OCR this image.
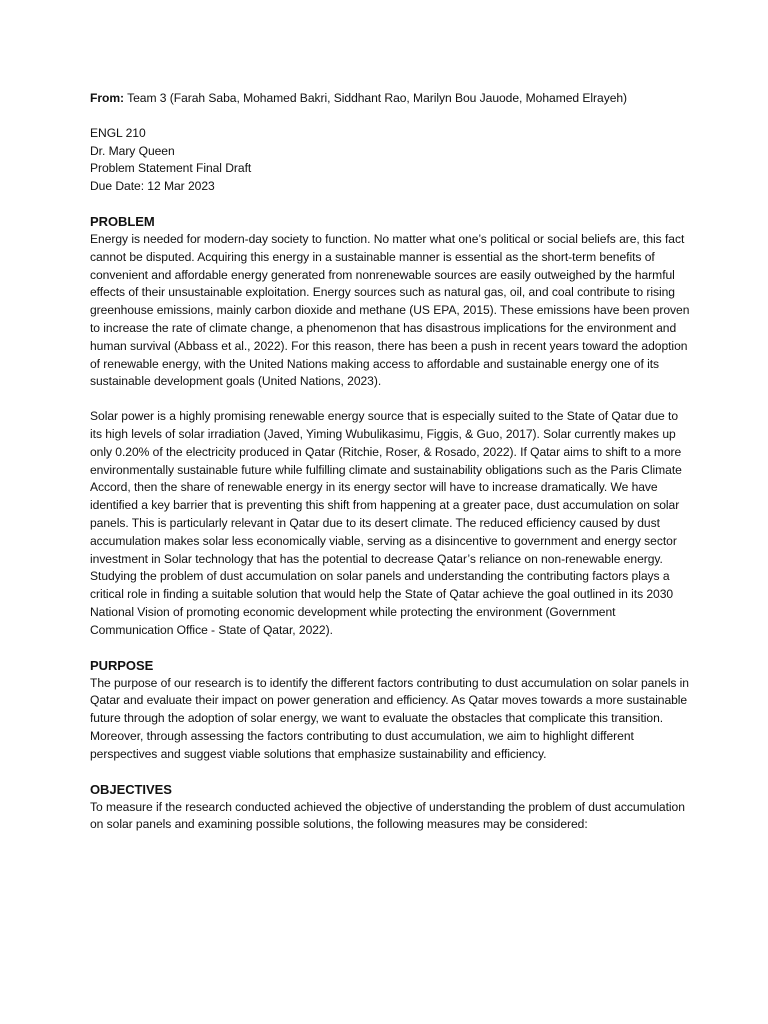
From: Team 3 (Farah Saba, Mohamed Bakri, Siddhant Rao, Marilyn Bou Jauode, Mohamed Elrayeh)

ENGL 210
Dr. Mary Queen
Problem Statement Final Draft
Due Date: 12 Mar 2023
PROBLEM

Energy is needed for modern-day society to function. No matter what one’s political or social beliefs are, this fact cannot be disputed. Acquiring this energy in a sustainable manner is essential as the short-term benefits of convenient and affordable energy generated from nonrenewable sources are easily outweighed by the harmful effects of their unsustainable exploitation. Energy sources such as natural gas, oil, and coal contribute to rising greenhouse emissions, mainly carbon dioxide and methane (US EPA, 2015). These emissions have been proven to increase the rate of climate change, a phenomenon that has disastrous implications for the environment and human survival (Abbass et al., 2022). For this reason, there has been a push in recent years toward the adoption of renewable energy, with the United Nations making access to affordable and sustainable energy one of its sustainable development goals (United Nations, 2023).

Solar power is a highly promising renewable energy source that is especially suited to the State of Qatar due to its high levels of solar irradiation (Javed, Yiming Wubulikasimu, Figgis, & Guo, 2017). Solar currently makes up only 0.20% of the electricity produced in Qatar (Ritchie, Roser, & Rosado, 2022). If Qatar aims to shift to a more environmentally sustainable future while fulfilling climate and sustainability obligations such as the Paris Climate Accord, then the share of renewable energy in its energy sector will have to increase dramatically. We have identified a key barrier that is preventing this shift from happening at a greater pace, dust accumulation on solar panels. This is particularly relevant in Qatar due to its desert climate. The reduced efficiency caused by dust accumulation makes solar less economically viable, serving as a disincentive to government and energy sector investment in Solar technology that has the potential to decrease Qatar’s reliance on non-renewable energy. Studying the problem of dust accumulation on solar panels and understanding the contributing factors plays a critical role in finding a suitable solution that would help the State of Qatar achieve the goal outlined in its 2030 National Vision of promoting economic development while protecting the environment (Government Communication Office - State of Qatar, 2022).

PURPOSE

The purpose of our research is to identify the different factors contributing to dust accumulation on solar panels in Qatar and evaluate their impact on power generation and efficiency. As Qatar moves towards a more sustainable future through the adoption of solar energy, we want to evaluate the obstacles that complicate this transition. Moreover, through assessing the factors contributing to dust accumulation, we aim to highlight different perspectives and suggest viable solutions that emphasize sustainability and efficiency.

OBJECTIVES

To measure if the research conducted achieved the objective of understanding the problem of dust accumulation on solar panels and examining possible solutions, the following measures may be considered:
